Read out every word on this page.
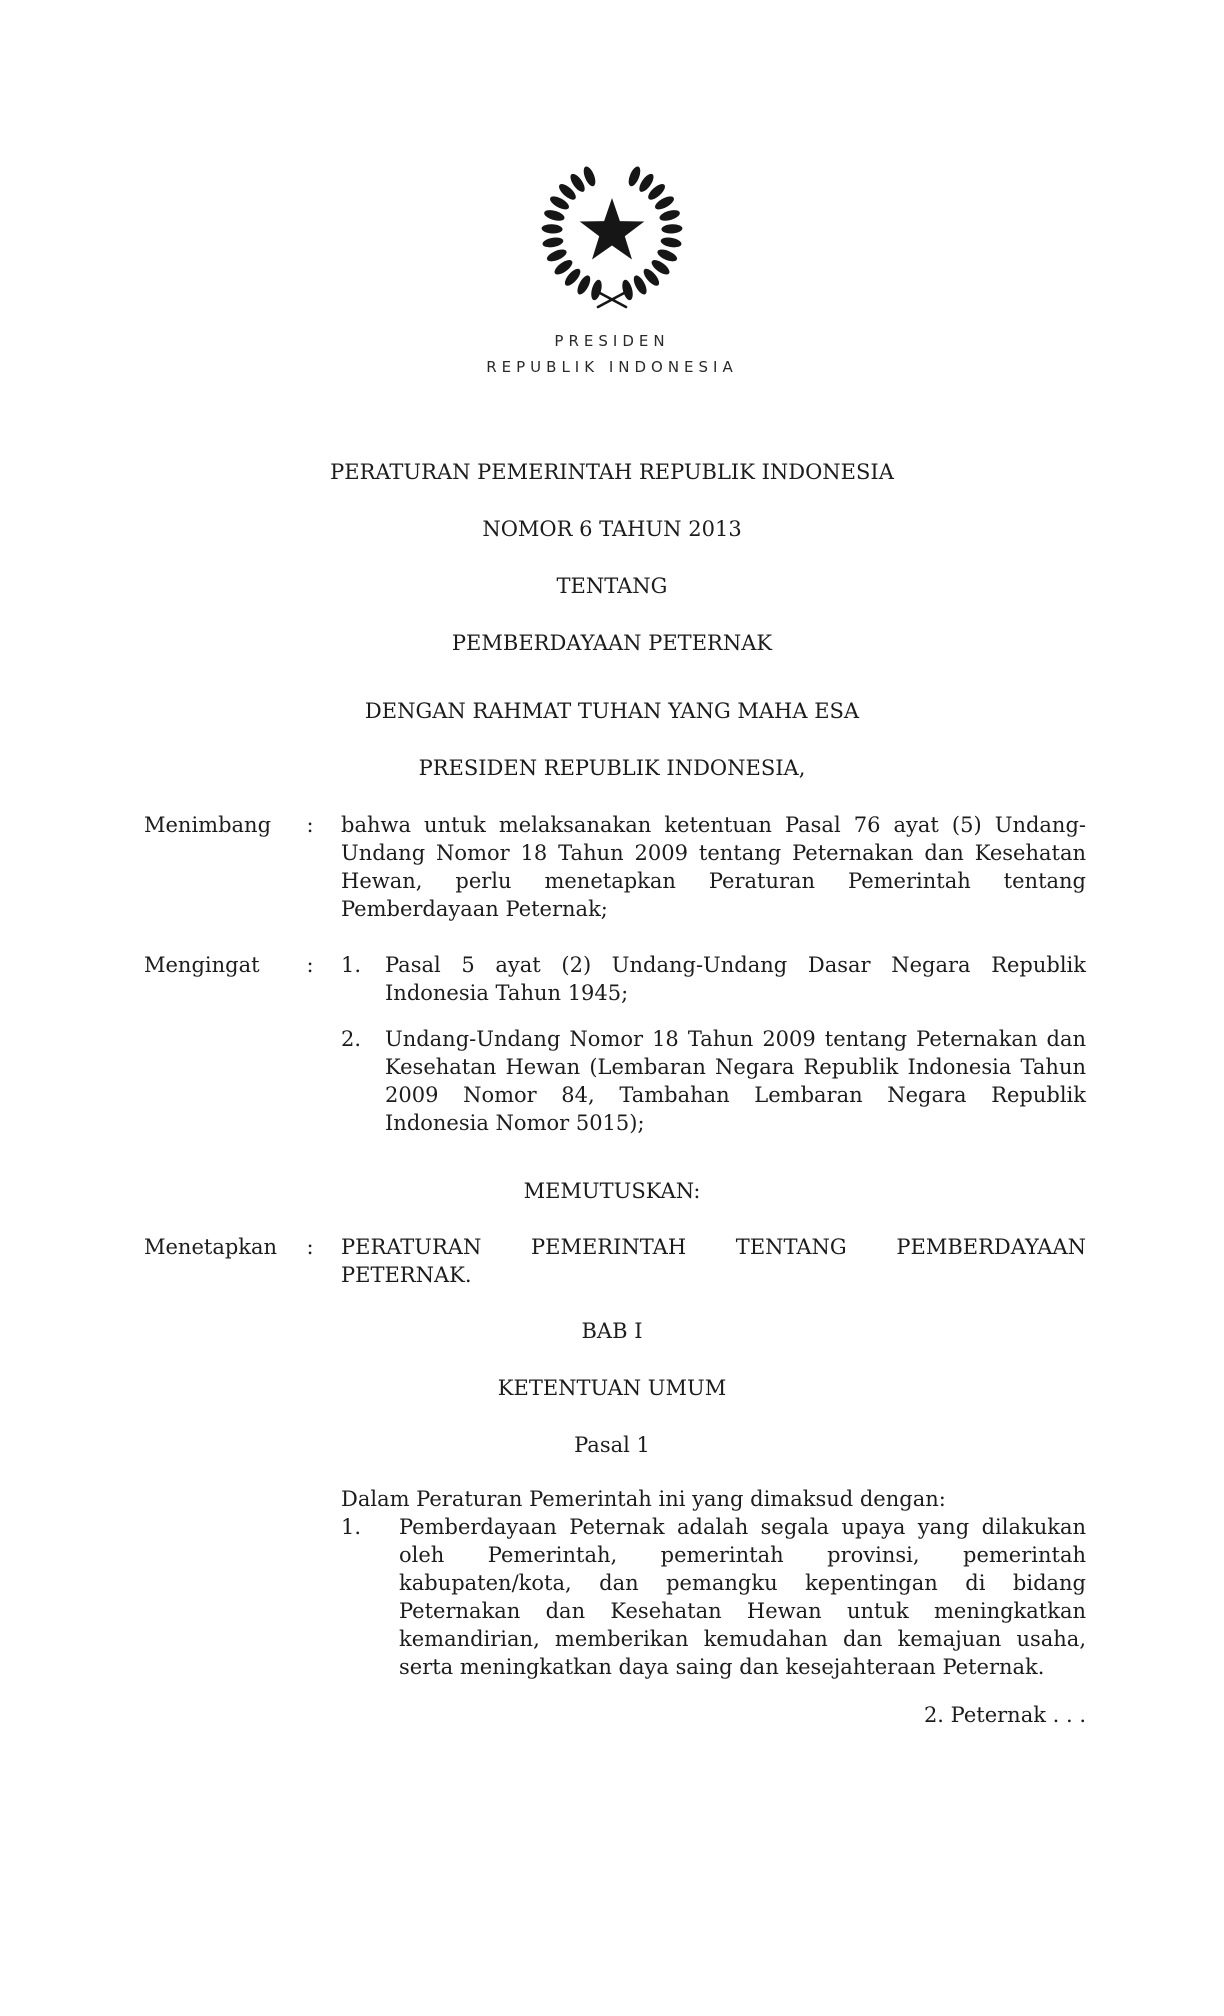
PRESIDEN
REPUBLIK INDONESIA
PERATURAN PEMERINTAH REPUBLIK INDONESIA
NOMOR 6 TAHUN 2013
TENTANG
PEMBERDAYAAN PETERNAK
DENGAN RAHMAT TUHAN YANG MAHA ESA
PRESIDEN REPUBLIK INDONESIA,
Menimbang	:	bahwa untuk melaksanakan ketentuan Pasal 76 ayat (5) Undang-Undang Nomor 18 Tahun 2009 tentang Peternakan dan Kesehatan Hewan, perlu menetapkan Peraturan Pemerintah tentang Pemberdayaan Peternak;
Mengingat	:	1.	Pasal 5 ayat (2) Undang-Undang Dasar Negara Republik Indonesia Tahun 1945;
2.	Undang-Undang Nomor 18 Tahun 2009 tentang Peternakan dan Kesehatan Hewan (Lembaran Negara Republik Indonesia Tahun 2009 Nomor 84, Tambahan Lembaran Negara Republik Indonesia Nomor 5015);
MEMUTUSKAN:
Menetapkan	:	PERATURAN PEMERINTAH TENTANG PEMBERDAYAAN PETERNAK.
BAB I
KETENTUAN UMUM
Pasal 1
Dalam Peraturan Pemerintah ini yang dimaksud dengan:
1.	Pemberdayaan Peternak adalah segala upaya yang dilakukan oleh Pemerintah, pemerintah provinsi, pemerintah kabupaten/kota, dan pemangku kepentingan di bidang Peternakan dan Kesehatan Hewan untuk meningkatkan kemandirian, memberikan kemudahan dan kemajuan usaha, serta meningkatkan daya saing dan kesejahteraan Peternak.
2. Peternak . . .
